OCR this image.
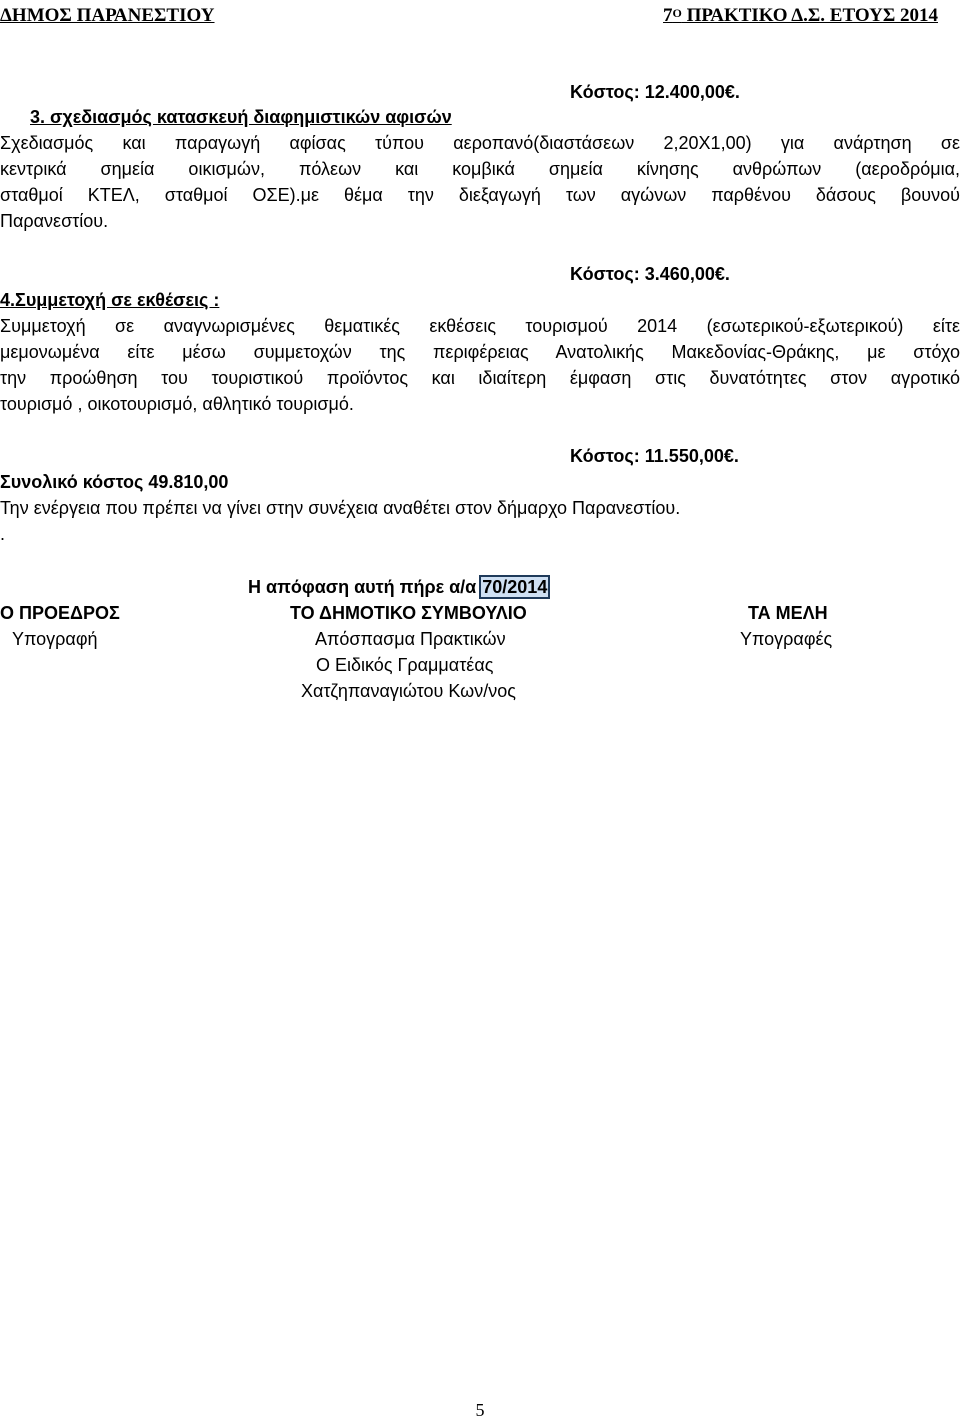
ΔΗΜΟΣ ΠΑΡΑΝΕΣΤΙΟΥ	$7^O$ ΠΡΑΚΤΙΚΟ Δ.Σ. ΕΤΟΥΣ 2014
Κόστος: 12.400,00€.
3. σχεδιασμός κατασκευή διαφημιστικών αφισών
Σχεδιασμός και παραγωγή αφίσας τύπου αεροπανό(διαστάσεων 2,20Χ1,00) για ανάρτηση σε
κεντρικά σημεία οικισμών, πόλεων και κομβικά σημεία κίνησης ανθρώπων (αεροδρόμια,
σταθμοί ΚΤΕΛ, σταθμοί ΟΣΕ).με θέμα την διεξαγωγή των αγώνων παρθένου δάσους βουνού
Παρανεστίου.
Κόστος: 3.460,00€.
4.Συμμετοχή σε εκθέσεις :
Συμμετοχή σε αναγνωρισμένες θεματικές εκθέσεις τουρισμού 2014 (εσωτερικού-εξωτερικού) είτε
μεμονωμένα είτε μέσω συμμετοχών της περιφέρειας Ανατολικής Μακεδονίας-Θράκης, με στόχο
την προώθηση του τουριστικού προϊόντος και ιδιαίτερη έμφαση στις δυνατότητες στον αγροτικό
τουρισμό , οικοτουρισμό, αθλητικό τουρισμό.
Κόστος: 11.550,00€.
Συνολικό κόστος 49.810,00
Την ενέργεια που πρέπει να γίνει στην συνέχεια αναθέτει στον δήμαρχο Παρανεστίου.
.
Η απόφαση αυτή πήρε α/α 70/2014
Ο ΠΡΟΕΔΡΟΣ
Υπογραφή
ΤΟ ΔΗΜΟΤΙΚΟ ΣΥΜΒΟΥΛΙΟ
Απόσπασμα Πρακτικών
Ο Ειδικός Γραμματέας
Χατζηπαναγιώτου Κων/νος
ΤΑ ΜΕΛΗ
Υπογραφές
5
